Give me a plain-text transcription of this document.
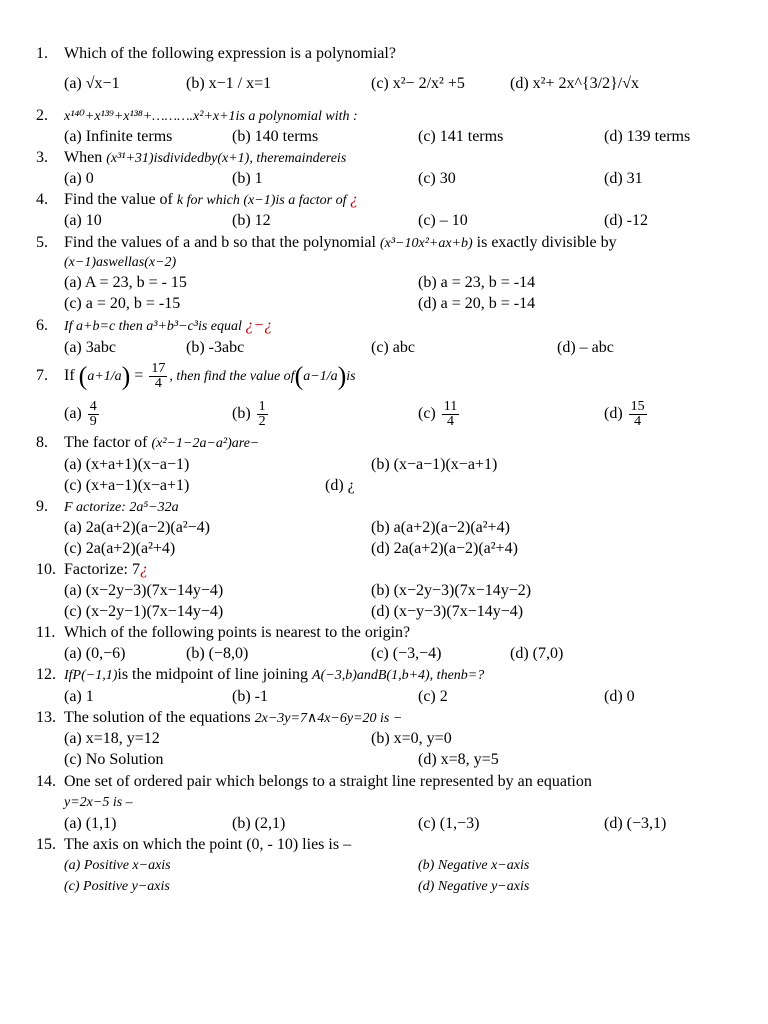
1. Which of the following expression is a polynomial?
(a) √x−1	(b) x−1 / x=1	(c) x²− 2/x² +5	(d) x²+ 2x^{3/2}/√x
2. x¹⁴⁰+x¹³⁹+x¹³⁸+……….x²+x+1is a polynomial with :
(a) Infinite terms	(b) 140 terms	(c) 141 terms	(d) 139 terms
3. When (x³¹+31)isdividedby(x+1), theremaindereis
(a) 0	(b) 1	(c) 30	(d) 31
4. Find the value of k for which (x−1)is a factor of ¿
(a) 10	(b) 12	(c) – 10	(d) -12
5. Find the values of a and b so that the polynomial (x³−10x²+ax+b) is exactly divisible by
(x−1)aswellas(x−2)
(a) A = 23, b = - 15	(b) a = 23, b = -14
(c) a = 20, b = -15	(d) a = 20, b = -14
6. If a+b=c then a³+b³−c³is equal ¿−¿
(a) 3abc	(b) -3abc	(c) abc	(d) – abc
7. If $(a+1/a) = \frac{17}{4}$ , then find the value of(a−1/a)is
$(a) \frac{4}{9}$	$(b) \frac{1}{2}$	$(c) \frac{11}{4}$	$(d) \frac{15}{4}$
8. The factor of (x²−1−2a−a²)are−
(a) (x+a+1)(x−a−1)	(b) (x−a−1)(x−a+1)
(c) (x+a−1)(x−a+1)	(d) ¿
9. F actorize: 2a⁵−32a
(a) 2a(a+2)(a−2)(a²−4)	(b) a(a+2)(a−2)(a²+4)
(c) 2a(a+2)(a²+4)	(d) 2a(a+2)(a−2)(a²+4)
10. Factorize: 7¿
(a) (x−2y−3)(7x−14y−4)	(b) (x−2y−3)(7x−14y−2)
(c) (x−2y−1)(7x−14y−4)	(d) (x−y−3)(7x−14y−4)
11. Which of the following points is nearest to the origin?
(a) (0,−6)	(b) (−8,0)	(c) (−3,−4)	(d) (7,0)
12. IfP(−1,1)is the midpoint of line joining A(−3,b)andB(1,b+4), thenb=?
(a) 1	(b) -1	(c) 2	(d) 0
13. The solution of the equations 2x−3y=7∧4x−6y=20 is −
(a) x=18, y=12	(b) x=0, y=0
(c) No Solution	(d) x=8, y=5
14. One set of ordered pair which belongs to a straight line represented by an equation
y=2x−5 is –
(a) (1,1)	(b) (2,1)	(c) (1,−3)	(d) (−3,1)
15. The axis on which the point (0, - 10) lies is –
(a) Positive x−axis	(b) Negative x−axis
(c) Positive y−axis	(d) Negative y−axis
